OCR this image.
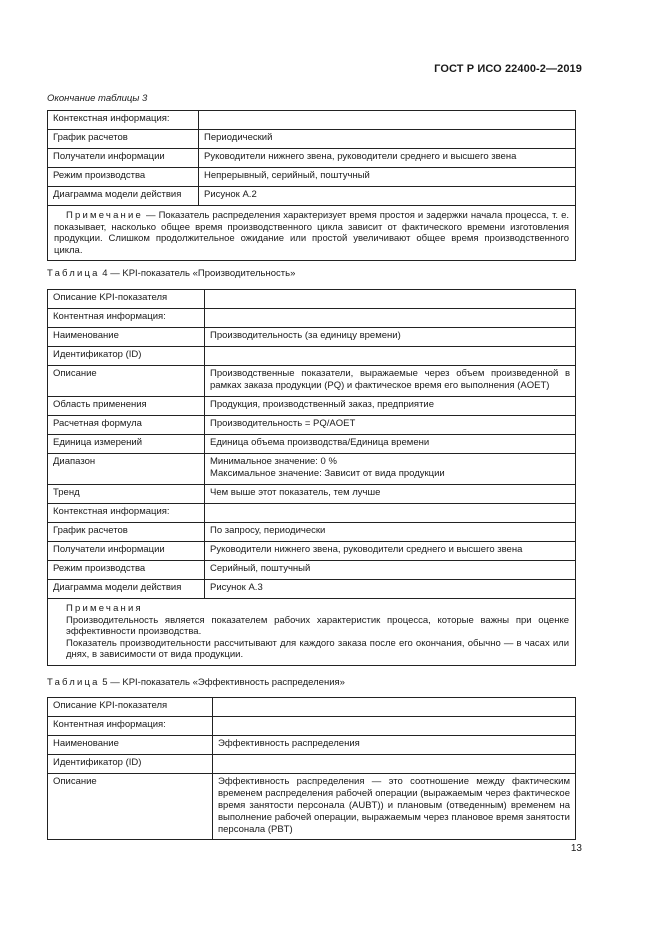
ГОСТ Р ИСО 22400-2—2019
Окончание таблицы 3
Контекстная информация:	
График расчетов	Периодический
Получатели информации	Руководители нижнего звена, руководители среднего и высшего звена
Режим производства	Непрерывный, серийный, поштучный
Диаграмма модели действия	Рисунок А.2
Примечание — Показатель распределения характеризует время простоя и задержки начала процесса, т. е. показывает, насколько общее время производственного цикла зависит от фактического времени изготовления продукции. Слишком продолжительное ожидание или простой увеличивают общее время производственного цикла.	
Таблица 4 — KPI-показатель «Производительность»
Описание KPI-показателя	
Контентная информация:	
Наименование	Производительность (за единицу времени)
Идентификатор (ID)	
Описание	Производственные показатели, выражаемые через объем произведенной в рамках заказа продукции (PQ) и фактическое время его выполнения (AOET)
Область применения	Продукция, производственный заказ, предприятие
Расчетная формула	Производительность = PQ/AOET
Единица измерений	Единица объема производства/Единица времени
Диапазон	Минимальное значение: 0 %
Максимальное значение: Зависит от вида продукции

Тренд	Чем выше этот показатель, тем лучше
Контекстная информация:	
График расчетов	По запросу, периодически
Получатели информации	Руководители нижнего звена, руководители среднего и высшего звена
Режим производства	Серийный, поштучный
Диаграмма модели действия	Рисунок А.3

Примечания
Производительность является показателем рабочих характеристик процесса, которые важны при оценке эффективности производства.
Показатель производительности рассчитывают для каждого заказа после его окончания, обычно — в часах или днях, в зависимости от вида продукции.	
Таблица 5 — KPI-показатель «Эффективность распределения»
Описание KPI-показателя	
Контентная информация:	
Наименование	Эффективность распределения
Идентификатор (ID)	
Описание	Эффективность распределения — это соотношение между фактическим временем распределения рабочей операции (выражаемым через фактическое время занятости персонала (AUBT)) и плановым (отведенным) временем на выполнение рабочей операции, выражаемым через плановое время занятости персонала (PBT)
13
